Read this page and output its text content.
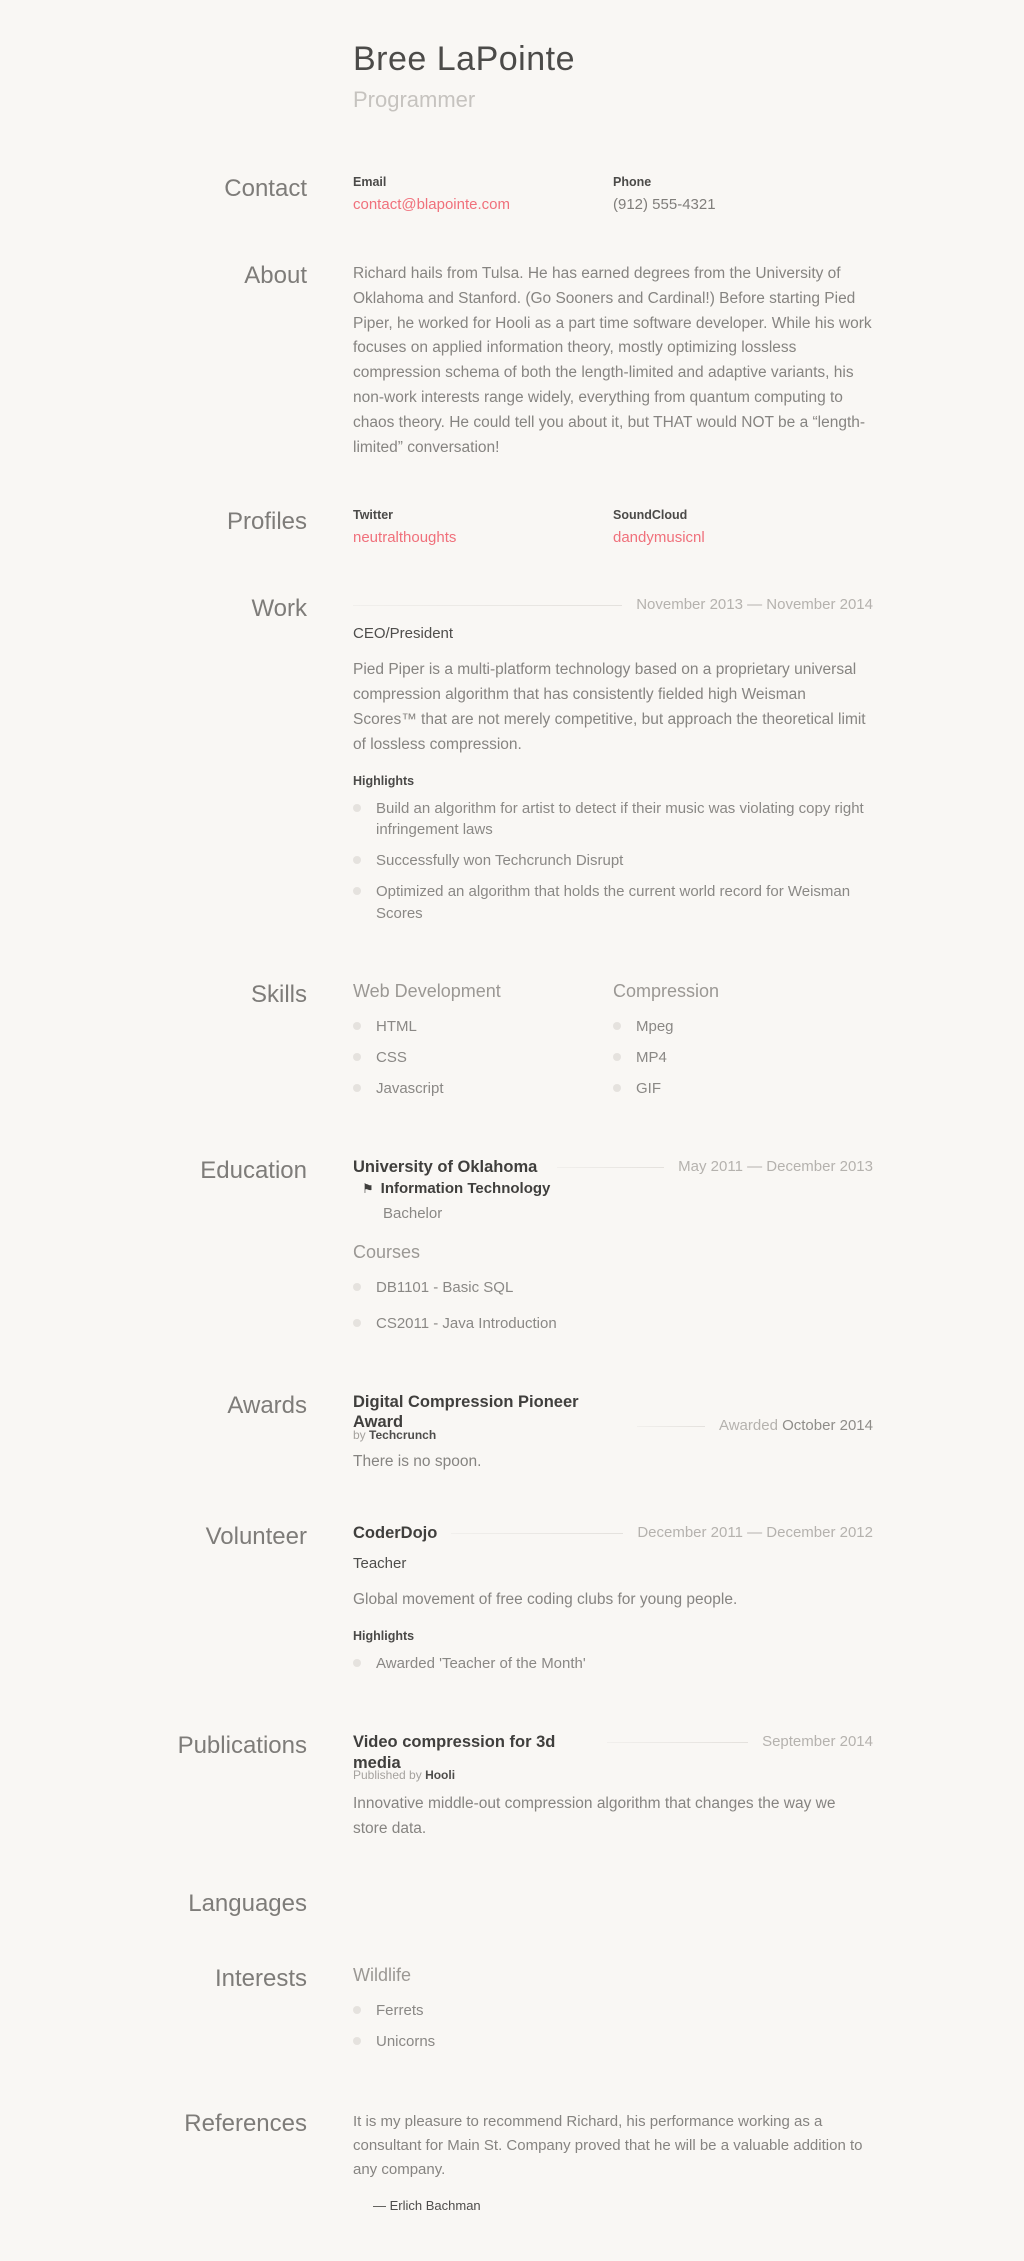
Bree LaPointe
Programmer
Contact	Email
contact@blapointe.com
Phone
(912) 555-4321
About	Richard hails from Tulsa. He has earned degrees from the University of Oklahoma and Stanford. (Go Sooners and Cardinal!) Before starting Pied Piper, he worked for Hooli as a part time software developer. While his work focuses on applied information theory, mostly optimizing lossless compression schema of both the length-limited and adaptive variants, his non-work interests range widely, everything from quantum computing to chaos theory. He could tell you about it, but THAT would NOT be a “length-limited” conversation!

Profiles	Twitter
neutralthoughts
SoundCloud
dandymusicnl
Work	November 2013 — November 2014
CEO/President

Pied Piper is a multi-platform technology based on a proprietary universal compression algorithm that has consistently fielded high Weisman Scores™ that are not merely competitive, but approach the theoretical limit of lossless compression.

Highlights
Build an algorithm for artist to detect if their music was violating copy right infringement laws
Successfully won Techcrunch Disrupt
Optimized an algorithm that holds the current world record for Weisman Scores
Skills	Web Development
HTML
CSS
Javascript
Compression
Mpeg
MP4
GIF
Education	University of Oklahoma	May 2011 — December 2013
⚑ Information Technology
Bachelor
Courses
DB1101 - Basic SQL
CS2011 - Java Introduction
Awards	Digital Compression Pioneer Award
by Techcrunch
Awarded October 2014

There is no spoon.

Volunteer	CoderDojo	December 2011 — December 2012
Teacher

Global movement of free coding clubs for young people.

Highlights
Awarded 'Teacher of the Month'
Publications	Video compression for 3d media
Published by Hooli
September 2014

Innovative middle-out compression algorithm that changes the way we store data.

Languages
Interests	Wildlife
Ferrets
Unicorns
References	It is my pleasure to recommend Richard, his performance working as a consultant for Main St. Company proved that he will be a valuable addition to any company.

— Erlich Bachman
